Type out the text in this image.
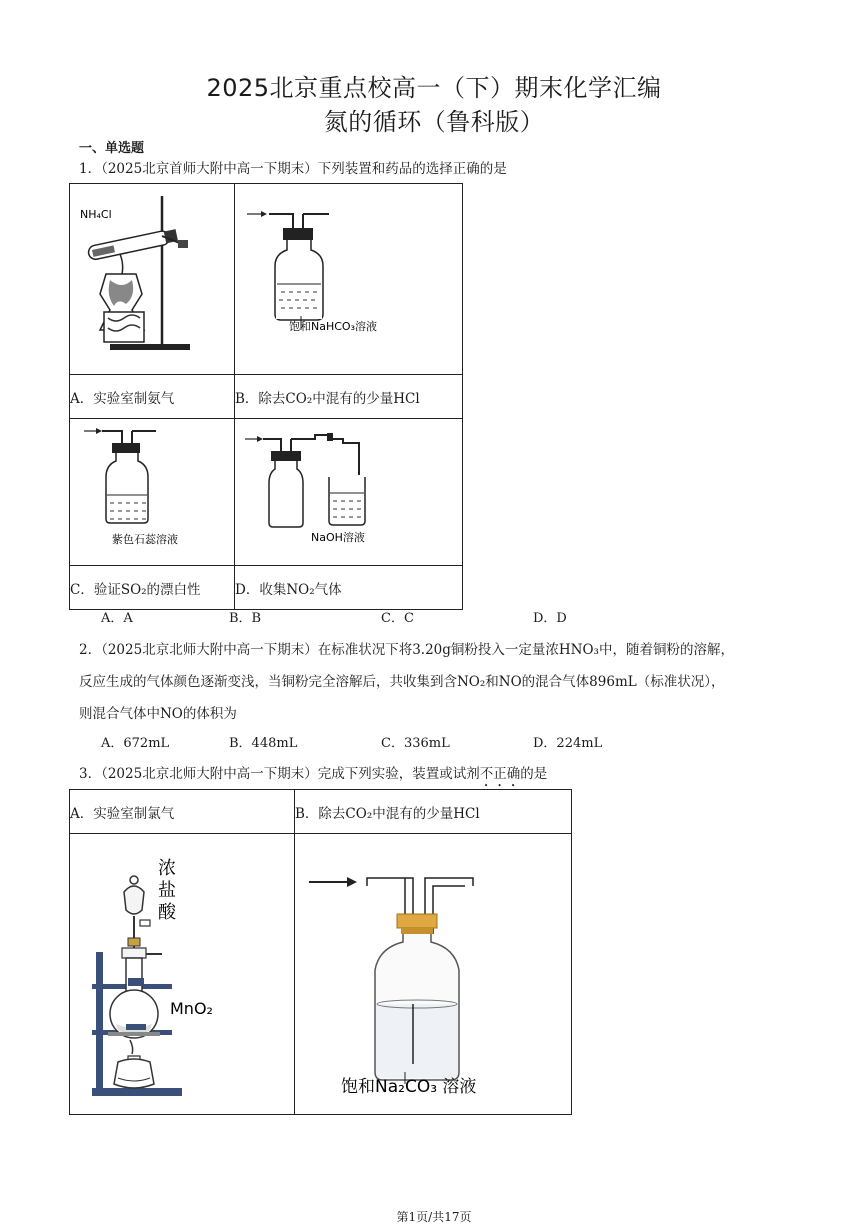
2025北京重点校高一（下）期末化学汇编
氮的循环（鲁科版）
一、单选题
1．（2025北京首师大附中高一下期末）下列装置和药品的选择正确的是
NH₄Cl	饱和NaHCO₃溶液

A．实验室制氨气	B．除去CO₂中混有的少量HCl

紫色石蕊溶液	NaOH溶液

C．验证SO₂的漂白性	D．收集NO₂气体
A．A	B．B	C．C	D．D
2．（2025北京北师大附中高一下期末）在标准状况下将3.20g铜粉投入一定量浓HNO₃中，随着铜粉的溶解，
反应生成的气体颜色逐渐变浅，当铜粉完全溶解后，共收集到含NO₂和NO的混合气体896mL（标准状况），
则混合气体中NO的体积为
A．672mL	B．448mL	C．336mL	D．224mL
3．（2025北京北师大附中高一下期末）完成下列实验，装置或试剂不正确的是
A．实验室制氯气	B．除去CO₂中混有的少量HCl

浓
盐
酸
MnO₂	饱和Na₂CO₃ 溶液
第1页/共17页
